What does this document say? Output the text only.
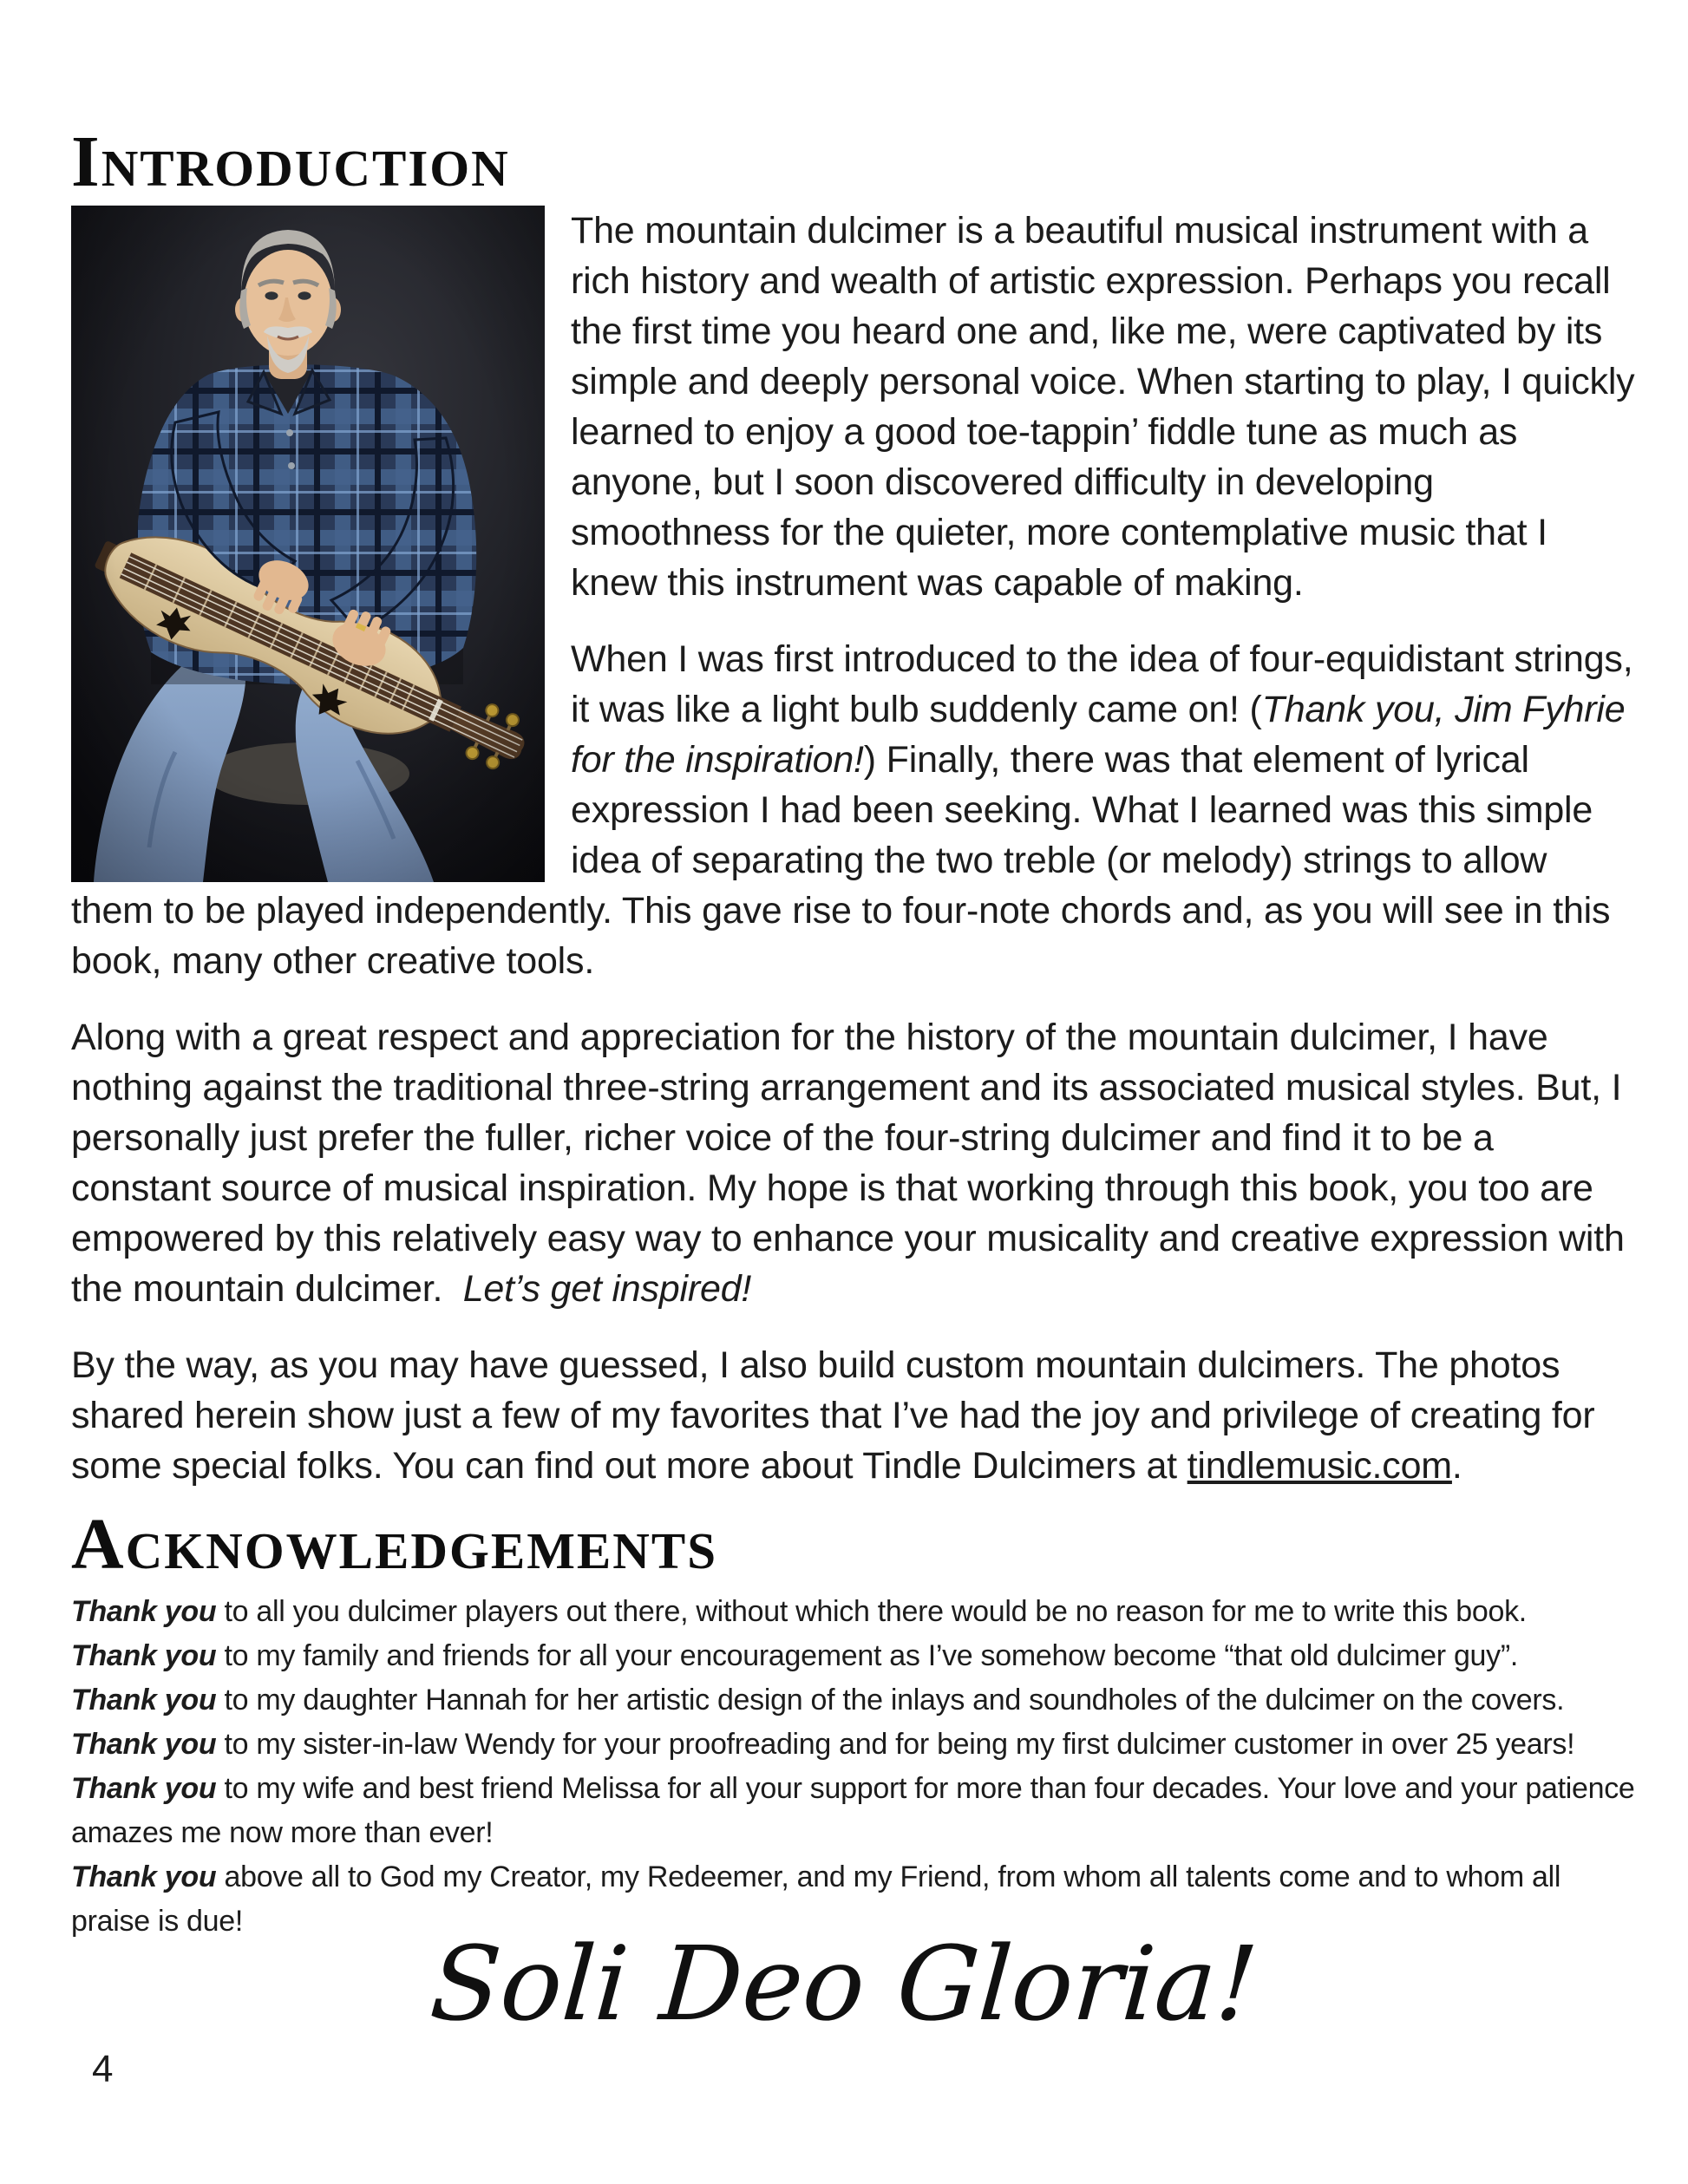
Introduction

The mountain dulcimer is a beautiful musical instrument with a rich history and wealth of artistic expression. Perhaps you recall the first time you heard one and, like me, were captivated by its simple and deeply personal voice. When starting to play, I quickly learned to enjoy a good toe-tappin’ fiddle tune as much as anyone, but I soon discovered difficulty in developing smoothness for the quieter, more contemplative music that I knew this instrument was capable of making.

When I was first introduced to the idea of four-equidistant strings, it was like a light bulb suddenly came on! (Thank you, Jim Fyhrie for the inspiration!) Finally, there was that element of lyrical expression I had been seeking. What I learned was this simple idea of separating the two treble (or melody) strings to allow them to be played independently. This gave rise to four-note chords and, as you will see in this book, many other creative tools.

Along with a great respect and appreciation for the history of the mountain dulcimer, I have nothing against the traditional three-string arrangement and its associated musical styles. But, I personally just prefer the fuller, richer voice of the four-string dulcimer and find it to be a constant source of musical inspiration. My hope is that working through this book, you too are empowered by this relatively easy way to enhance your musicality and creative expression with the mountain dulcimer.  Let’s get inspired!

By the way, as you may have guessed, I also build custom mountain dulcimers. The photos shared herein show just a few of my favorites that I’ve had the joy and privilege of creating for some special folks. You can find out more about Tindle Dulcimers at tindlemusic.com.

Acknowledgements

Thank you to all you dulcimer players out there, without which there would be no reason for me to write this book.

Thank you to my family and friends for all your encouragement as I’ve somehow become “that old dulcimer guy”.

Thank you to my daughter Hannah for her artistic design of the inlays and soundholes of the dulcimer on the covers.

Thank you to my sister-in-law Wendy for your proofreading and for being my first dulcimer customer in over 25 years!

Thank you to my wife and best friend Melissa for all your support for more than four decades. Your love and your patience amazes me now more than ever!

Thank you above all to God my Creator, my Redeemer, and my Friend, from whom all talents come and to whom all praise is due!

Soli Deo Gloria!
4
